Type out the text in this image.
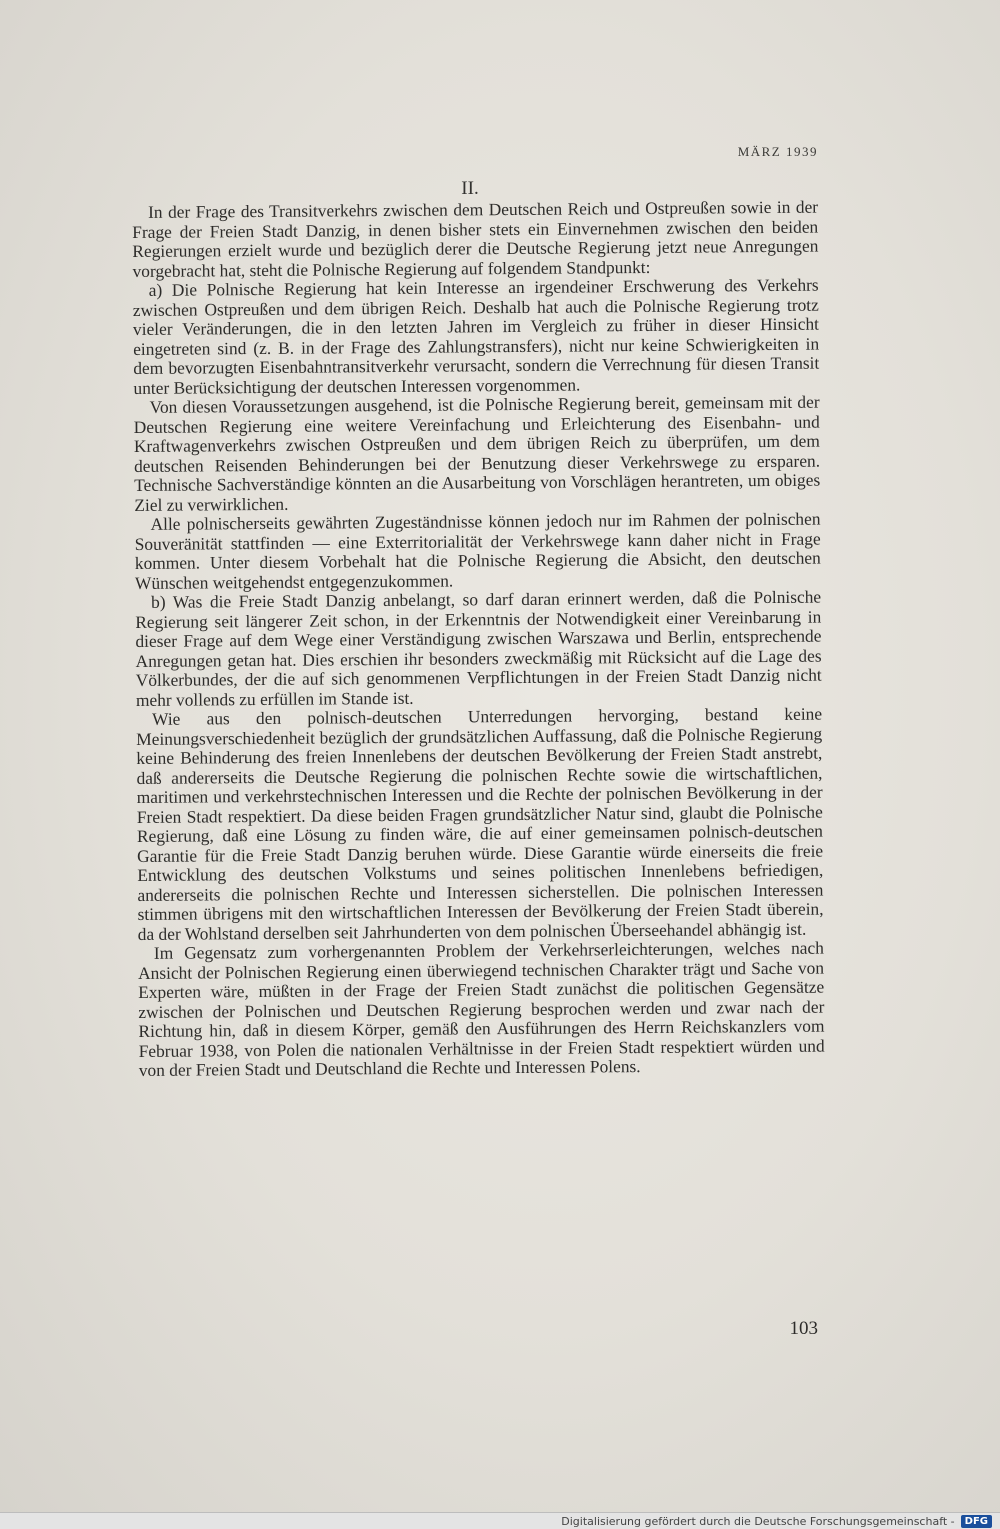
MÄRZ 1939
II.

In der Frage des Transitverkehrs zwischen dem Deutschen Reich und Ostpreußen sowie in der Frage der Freien Stadt Danzig, in denen bisher stets ein Einvernehmen zwischen den beiden Regierungen erzielt wurde und bezüglich derer die Deutsche Regierung jetzt neue Anregungen vorgebracht hat, steht die Polnische Regierung auf folgendem Standpunkt:

a) Die Polnische Regierung hat kein Interesse an irgendeiner Erschwerung des Verkehrs zwischen Ostpreußen und dem übrigen Reich. Deshalb hat auch die Polnische Regierung trotz vieler Veränderungen, die in den letzten Jahren im Vergleich zu früher in dieser Hinsicht eingetreten sind (z. B. in der Frage des Zahlungstransfers), nicht nur keine Schwierigkeiten in dem bevorzugten Eisenbahntransitverkehr verursacht, sondern die Verrechnung für diesen Transit unter Berücksichtigung der deutschen Interessen vorgenommen.

Von diesen Voraussetzungen ausgehend, ist die Polnische Regierung bereit, gemeinsam mit der Deutschen Regierung eine weitere Vereinfachung und Erleichterung des Eisenbahn- und Kraftwagenverkehrs zwischen Ostpreußen und dem übrigen Reich zu überprüfen, um dem deutschen Reisenden Behinderungen bei der Benutzung dieser Verkehrswege zu ersparen. Technische Sachverständige könnten an die Ausarbeitung von Vorschlägen herantreten, um obiges Ziel zu verwirklichen.

Alle polnischerseits gewährten Zugeständnisse können jedoch nur im Rahmen der polnischen Souveränität stattfinden — eine Exterritorialität der Verkehrswege kann daher nicht in Frage kommen. Unter diesem Vorbehalt hat die Polnische Regierung die Absicht, den deutschen Wünschen weitgehendst entgegenzukommen.

b) Was die Freie Stadt Danzig anbelangt, so darf daran erinnert werden, daß die Polnische Regierung seit längerer Zeit schon, in der Erkenntnis der Notwendigkeit einer Vereinbarung in dieser Frage auf dem Wege einer Verständigung zwischen Warszawa und Berlin, entsprechende Anregungen getan hat. Dies erschien ihr besonders zweckmäßig mit Rücksicht auf die Lage des Völkerbundes, der die auf sich genommenen Verpflichtungen in der Freien Stadt Danzig nicht mehr vollends zu erfüllen im Stande ist.

Wie aus den polnisch-deutschen Unterredungen hervorging, bestand keine Meinungsverschiedenheit bezüglich der grundsätzlichen Auffassung, daß die Polnische Regierung keine Behinderung des freien Innenlebens der deutschen Bevölkerung der Freien Stadt anstrebt, daß andererseits die Deutsche Regierung die polnischen Rechte sowie die wirtschaftlichen, maritimen und verkehrstechnischen Interessen und die Rechte der polnischen Bevölkerung in der Freien Stadt respektiert. Da diese beiden Fragen grundsätzlicher Natur sind, glaubt die Polnische Regierung, daß eine Lösung zu finden wäre, die auf einer gemeinsamen polnisch-deutschen Garantie für die Freie Stadt Danzig beruhen würde. Diese Garantie würde einerseits die freie Entwicklung des deutschen Volkstums und seines politischen Innenlebens befriedigen, andererseits die polnischen Rechte und Interessen sicherstellen. Die polnischen Interessen stimmen übrigens mit den wirtschaftlichen Interessen der Bevölkerung der Freien Stadt überein, da der Wohlstand derselben seit Jahrhunderten von dem polnischen Überseehandel abhängig ist.

Im Gegensatz zum vorhergenannten Problem der Verkehrserleichterungen, welches nach Ansicht der Polnischen Regierung einen überwiegend technischen Charakter trägt und Sache von Experten wäre, müßten in der Frage der Freien Stadt zunächst die politischen Gegensätze zwischen der Polnischen und Deutschen Regierung besprochen werden und zwar nach der Richtung hin, daß in diesem Körper, gemäß den Ausführungen des Herrn Reichskanzlers vom Februar 1938, von Polen die nationalen Verhältnisse in der Freien Stadt respektiert würden und von der Freien Stadt und Deutschland die Rechte und Interessen Polens.

103
Digitalisierung gefördert durch die Deutsche Forschungsgemeinschaft -	DFG
